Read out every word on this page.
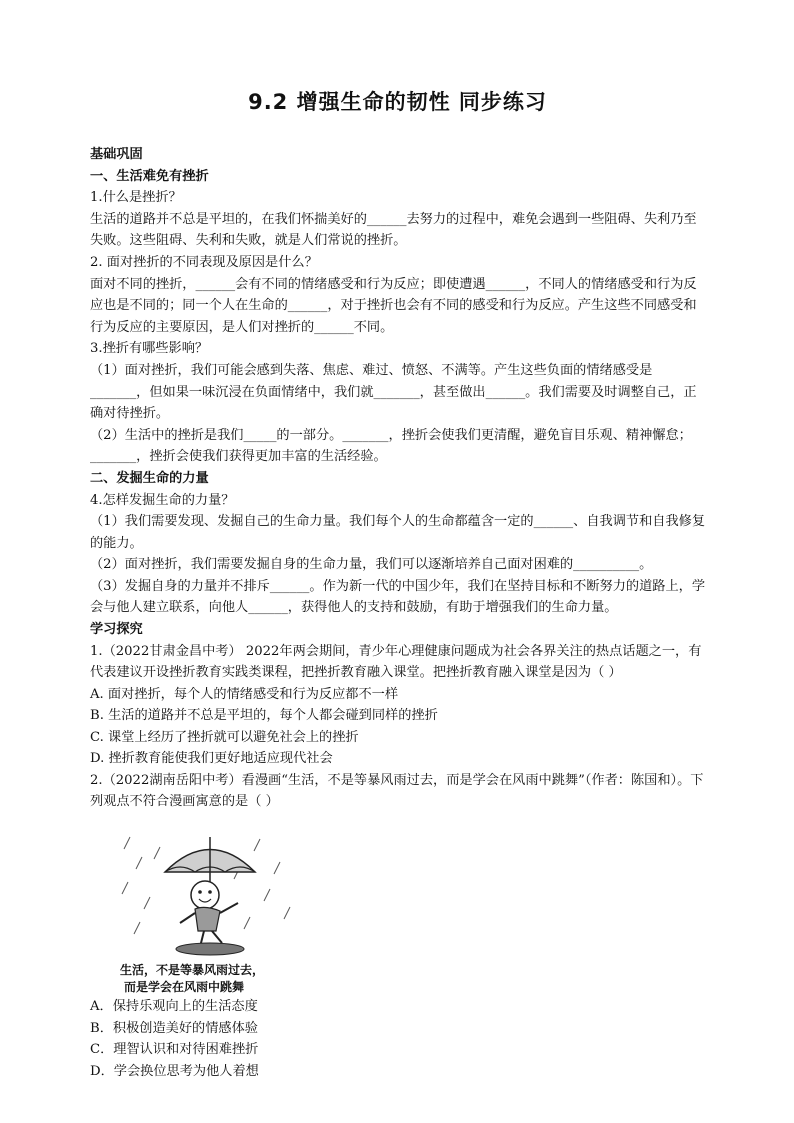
9.2 增强生命的韧性 同步练习

基础巩固

一、生活难免有挫折

1.什么是挫折？

生活的道路并不总是平坦的，在我们怀揣美好的______去努力的过程中，难免会遇到一些阻碍、失利乃至失败。这些阻碍、失利和失败，就是人们常说的挫折。

2. 面对挫折的不同表现及原因是什么？

面对不同的挫折，______会有不同的情绪感受和行为反应；即使遭遇______，不同人的情绪感受和行为反应也是不同的；同一个人在生命的______，对于挫折也会有不同的感受和行为反应。产生这些不同感受和行为反应的主要原因，是人们对挫折的______不同。

3.挫折有哪些影响？

（1）面对挫折，我们可能会感到失落、焦虑、难过、愤怒、不满等。产生这些负面的情绪感受是_______，但如果一味沉浸在负面情绪中，我们就_______，甚至做出______。我们需要及时调整自己，正确对待挫折。

（2）生活中的挫折是我们_____的一部分。_______，挫折会使我们更清醒，避免盲目乐观、精神懈怠；_______，挫折会使我们获得更加丰富的生活经验。

二、发掘生命的力量

4.怎样发掘生命的力量？

（1）我们需要发现、发掘自己的生命力量。我们每个人的生命都蕴含一定的______、自我调节和自我修复的能力。

（2）面对挫折，我们需要发掘自身的生命力量，我们可以逐渐培养自己面对困难的__________。

（3）发掘自身的力量并不排斥______。作为新一代的中国少年，我们在坚持目标和不断努力的道路上，学会与他人建立联系，向他人______，获得他人的支持和鼓励，有助于增强我们的生命力量。

学习探究

1.（2022甘肃金昌中考） 2022年两会期间，青少年心理健康问题成为社会各界关注的热点话题之一，有代表建议开设挫折教育实践类课程，把挫折教育融入课堂。把挫折教育融入课堂是因为（ ）

A. 面对挫折，每个人的情绪感受和行为反应都不一样

B. 生活的道路并不总是平坦的，每个人都会碰到同样的挫折

C. 课堂上经历了挫折就可以避免社会上的挫折

D. 挫折教育能使我们更好地适应现代社会

2.（2022湖南岳阳中考）看漫画“生活，不是等暴风雨过去，而是学会在风雨中跳舞”（作者：陈国和）。下列观点不符合漫画寓意的是（ ）

生活，不是等暴风雨过去，
而是学会在风雨中跳舞

A．保持乐观向上的生活态度

B．积极创造美好的情感体验

C．理智认识和对待困难挫折

D．学会换位思考为他人着想
